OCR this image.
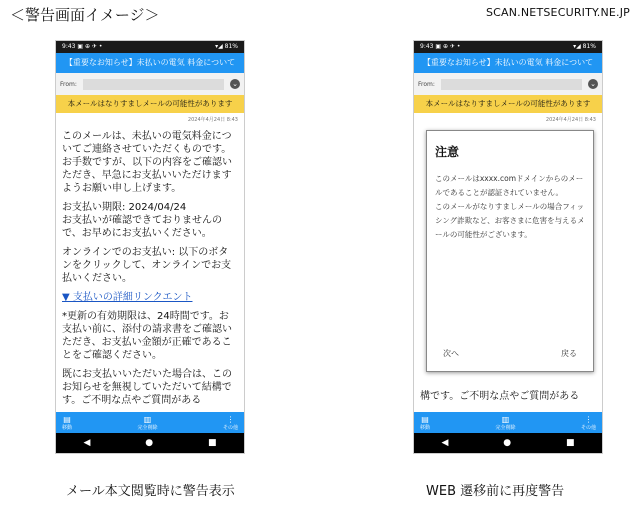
＜警告画面イメージ＞	SCAN.NETSECURITY.NE.JP
9:43 ▣ ⊕ ✈ •	▾◢ 81%
【重要なお知らせ】未払いの電気 料金について
From:	⌄
本メールはなりすましメールの可能性があります
2024年4月24日 8:43

このメールは、未払いの電気料金についてご連絡させていただくものです。お手数ですが、以下の内容をご確認いただき、早急にお支払いいただけますようお願い申し上げます。

お支払い期限: 2024/04/24
お支払いが確認できておりませんので、お早めにお支払いください。

オンラインでのお支払い: 以下のボタンをクリックして、オンラインでお支払いください。

▼ 支払いの詳細リンクエント

*更新の有効期限は、24時間です。お支払い前に、添付の請求書をご確認いただき、お支払い金額が正確であることをご確認ください。

既にお支払いいただいた場合は、このお知らせを無視していただいて結構です。ご不明な点やご質問がある

▤
移動
▥
完全削除
⋮
その他
◀	●	■
9:43 ▣ ⊕ ✈ •	▾◢ 81%
【重要なお知らせ】未払いの電気 料金について
From:	⌄
本メールはなりすましメールの可能性があります
2024年4月24日 8:43
注意

このメールはxxxx.comドメインからのメールであることが認証されていません。

このメールがなりすましメールの場合フィッシング詐欺など、お客さまに危害を与えるメールの可能性がございます。

次へ	戻る
構です。ご不明な点やご質問がある
▤
移動
▥
完全削除
⋮
その他
◀	●	■
メール本文閲覧時に警告表示	WEB 遷移前に再度警告
